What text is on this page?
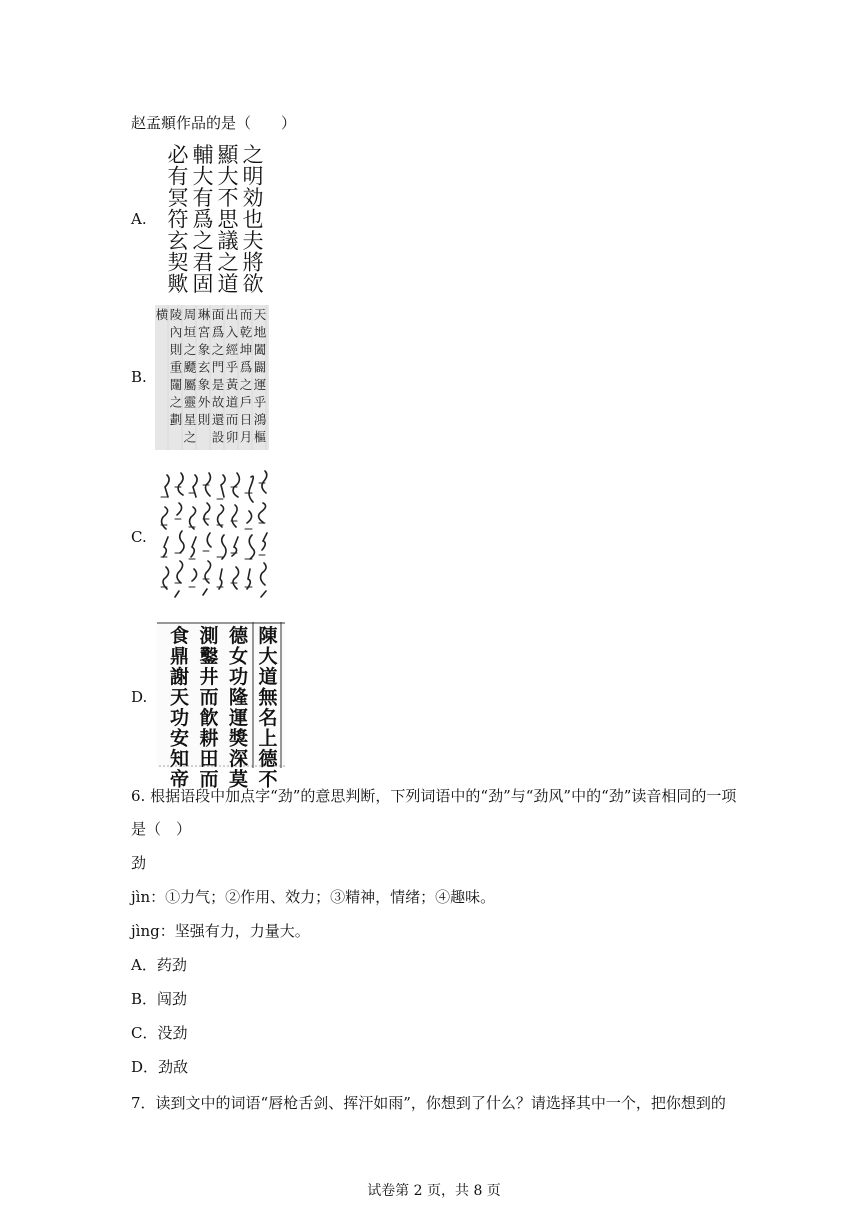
赵孟頫作品的是（　　）
A.
之
明
効
也
夫
將
欲
顯
大
不
思
議
之
道
輔
大
有
爲
之
君
固
必
有
冥
符
玄
契
歟
B.
天
地
闔
闢
運
乎
鴻
樞
而
乾
坤
爲
之
戶
日
月
出
入
經
乎
黃
道
而
卯
面
爲
之
門
是
故
還
設
琳
宮
象
玄
象
外
則
周
垣
之
飃
屬
靈
星
之
陵
內
則
重
闥
之
劃
横
C.
D.
陳
大
道
無
名
上
德
不
德
女
功
隆
運
獎
深
莫
測
鑿
井
而
飮
耕
田
而
食
鼎
謝
天
功
安
知
帝
6. 根据语段中加点字“劲”的意思判断，下列词语中的“劲”与“劲风”中的“劲”读音相同的一项
是（　）
劲
jìn：①力气；②作用、效力；③精神，情绪；④趣味。
jìng：坚强有力，力量大。
A．药劲
B．闯劲
C．没劲
D．劲敌
7．读到文中的词语“唇枪舌剑、挥汗如雨”，你想到了什么？请选择其中一个，把你想到的
试卷第 2 页，共 8 页
